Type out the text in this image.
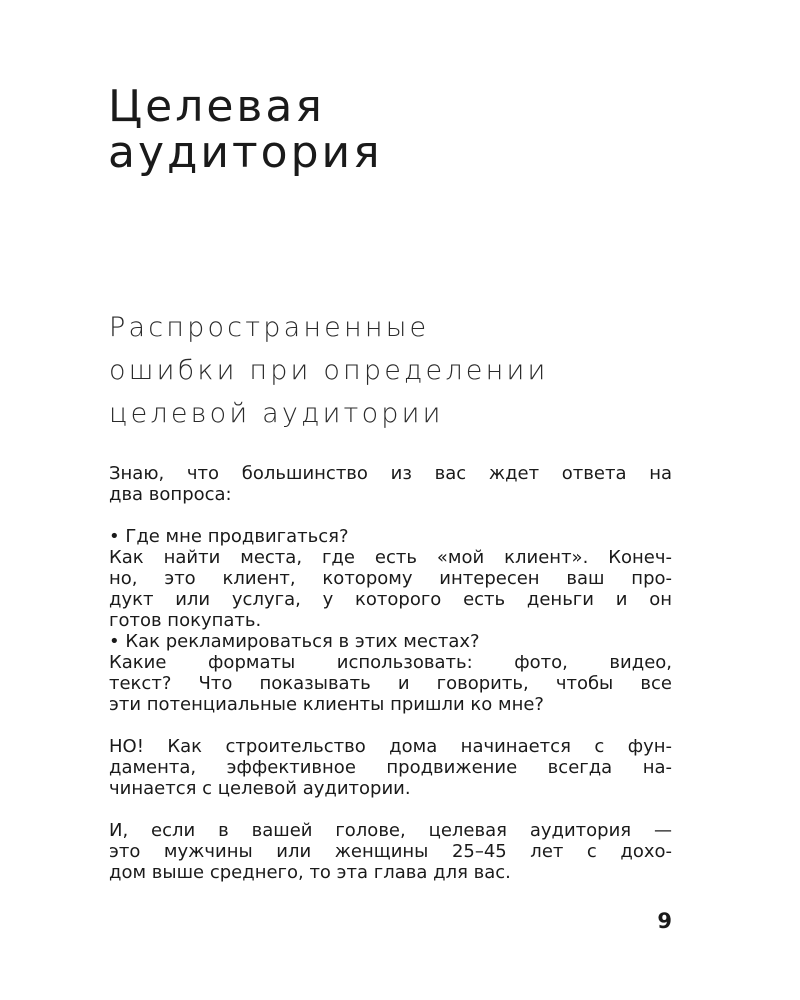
Целевая
аудитория
Распространенные
ошибки при определении
целевой аудитории
Знаю, что большинство из вас ждет ответа на
два вопроса:
• Где мне продвигаться?
Как найти места, где есть «мой клиент». Конеч-
но, это клиент, которому интересен ваш про-
дукт или услуга, у которого есть деньги и он
готов покупать.
• Как рекламироваться в этих местах?
Какие форматы использовать: фото, видео,
текст? Что показывать и говорить, чтобы все
эти потенциальные клиенты пришли ко мне?
НО! Как строительство дома начинается с фун-
дамента, эффективное продвижение всегда на-
чинается с целевой аудитории.
И, если в вашей голове, целевая аудитория —
это мужчины или женщины 25–45 лет с дохо-
дом выше среднего, то эта глава для вас.
9
